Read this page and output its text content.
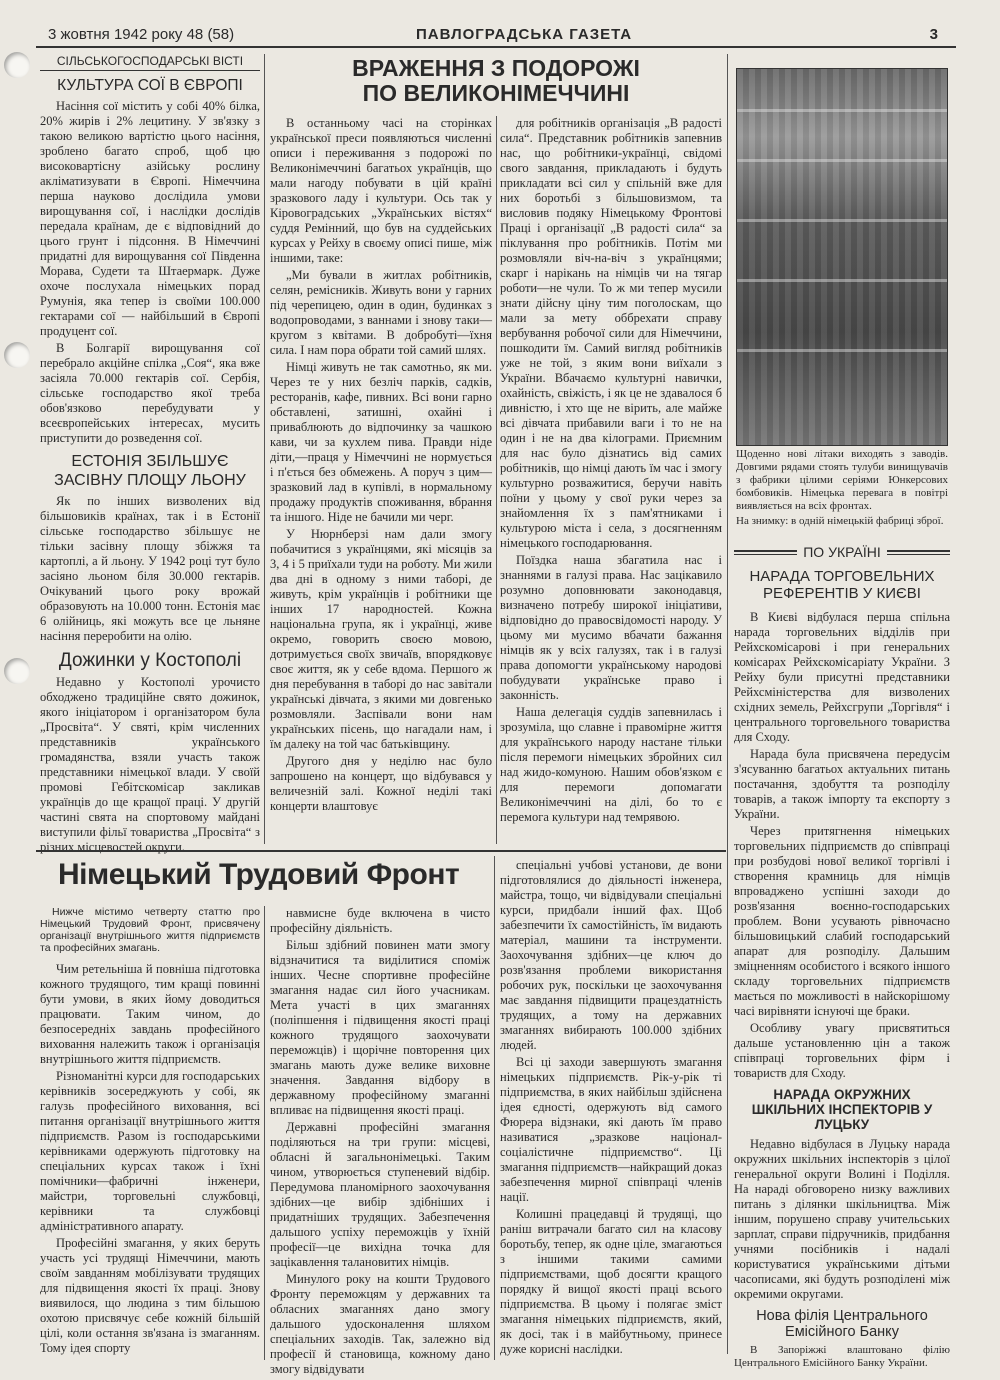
3 жовтня 1942 року 48 (58)	ПАВЛОГРАДСЬКА ГАЗЕТА	3
СІЛЬСЬКОГОСПОДАРСЬКІ ВІСТІ
КУЛЬТУРА СОЇ В ЄВРОПІ

Насіння сої містить у собі 40% білка, 20% жирів і 2% лецитину. У зв'язку з такою великою вартістю цього насіння, зроблено багато спроб, щоб цю високовартісну азійську рослину акліматизувати в Європі. Німеччина перша науково дослідила умови вирощування сої, і наслідки дослідів передала країнам, де є відповідний до цього грунт і підсоння. В Німеччині придатні для вирощування сої Південна Морава, Судети та Штаермарк. Дуже охоче послухала німецьких порад Румунія, яка тепер із своїми 100.000 гектарами сої — найбільший в Європі продуцент сої.

В Болгарії вирощування сої перебрало акційне спілка „Соя“, яка вже засіяла 70.000 гектарів сої. Сербія, сільське господарство якої треба обов'язково перебудувати у всеєвропейських інтересах, мусить приступити до розведення сої.

ЕСТОНІЯ ЗБІЛЬШУЄ ЗАСІВНУ ПЛОЩУ ЛЬОНУ

Як по інших визволених від більшовиків країнах, так і в Естонії сільське господарство збільшує не тільки засівну площу збіжжя та картоплі, а й льону. У 1942 році тут було засіяно льоном біля 30.000 гектарів. Очікуваний цього року врожай образовують на 10.000 тонн. Естонія має 6 олійниць, які можуть все це льняне насіння переробити на олію.

Дожинки у Костополі

Недавно у Костополі урочисто обходжено традиційне свято дожинок, якого ініціатором і організатором була „Просвіта“. У святі, крім численних представників українського громадянства, взяли участь також представники німецької влади. У своїй промові Гебітскомісар закликав українців до ще кращої праці. У другій частині свята на спортовому майдані виступили фільї товариства „Просвіта“ з різних місцевостей округи.

ВРАЖЕННЯ З ПОДОРОЖІ
ПО ВЕЛИКОНІМЕЧЧИНІ

В останньому часі на сторінках української преси появляються численні описи і переживання з подорожі по Великонімеччині багатьох українців, що мали нагоду побувати в цій країні зразкового ладу і культури. Ось так у Кіровоградських „Українських вістях“ суддя Ремінний, що був на суддейських курсах у Рейху в своєму описі пише, між іншими, таке:

„Ми бували в житлах робітників, селян, ремісників. Живуть вони у гарних під черепицею, один в один, будинках з водопроводами, з ваннами і знову таки—кругом з квітами. В добробуті—їхня сила. І нам пора обрати той самий шлях.

Німці живуть не так самотньо, як ми. Через те у них безліч парків, садків, ресторанів, кафе, пивних. Всі вони гарно обставлені, затишні, охайні і приваблюють до відпочинку за чашкою кави, чи за кухлем пива. Правди ніде діти,—праця у Німеччині не нормується і п'ється без обмежень. А поруч з цим—зразковий лад в купівлі, в нормальному продажу продуктів споживання, вбрання та іншого. Ніде не бачили ми черг.

У Нюрнберзі нам дали змогу побачитися з українцями, які місяців за 3, 4 і 5 приїхали туди на роботу. Ми жили два дні в одному з ними таборі, де живуть, крім українців і робітники ще інших 17 народностей. Кожна національна група, як і українці, живе окремо, говорить своєю мовою, дотримується своїх звичаїв, впорядковує своє життя, як у себе вдома. Першого ж дня перебування в таборі до нас завітали українські дівчата, з якими ми довгенько розмовляли. Заспівали вони нам українських пісень, що нагадали нам, і їм далеку на той час батьківщину.

Другого дня у неділю нас було запрошено на концерт, що відбувався у величезній залі. Кожної неділі такі концерти влаштовує

для робітників організація „В радості сила“. Представник робітників запевнив нас, що робітники-українці, свідомі свого завдання, прикладають і будуть прикладати всі сил у спільній вже для них боротьбі з більшовизмом, та висловив подяку Німецькому Фронтові Праці і організації „В радості сила“ за піклування про робітників. Потім ми розмовляли віч-на-віч з українцями; скарг і нарікань на німців чи на тягар роботи—не чули. То ж ми тепер мусили знати дійсну ціну тим поголоскам, що мали за мету оббрехати справу вербування робочої сили для Німеччини, пошкодити їм. Самий вигляд робітників уже не той, з яким вони виїхали з України. Вбачаємо культурні навички, охайність, свіжість, і як це не здавалося б дивністю, і хто ще не вірить, але майже всі дівчата прибавили ваги і то не на один і не на два кілограми. Приємним для нас було дізнатись від самих робітників, що німці дають їм час і змогу культурно розважитися, беручи навіть поїни у цьому у свої руки через за знайомлення їх з пам'ятниками і культурою міста і села, з досягненням німецького господарювання.

Поїздка наша збагатила нас і знаннями в галузі права. Нас зацікавило розумно доповнювати законодавця, визначено потребу широкої ініціативи, відповідно до правосвідомості народу. У цьому ми мусимо вбачати бажання німців як у всіх галузях, так і в галузі права допомогти українському народові побудувати українське право і законність.

Наша делегація суддів запевнилась і зрозуміла, що славне і правомірне життя для українського народу настане тільки після перемоги німецьких збройних сил над жидо-комуною. Нашим обов'язком є для перемоги допомагати Великонімеччині на ділі, бо то є перемога культури над темрявою.

Щоденно нові літаки виходять з заводів. Довгими рядами стоять тулуби винищувачів з фабрики цілими серіями Юнкерсових бомбовиків. Німецька перевага в повітрі виявляється на всіх фронтах.
На знимку: в одній німецькій фабриці зброї.
ПО УКРАЇНІ
НАРАДА ТОРГОВЕЛЬНИХ РЕФЕРЕНТІВ У КИЄВІ

В Києві відбулася перша спільна нарада торговельних відділів при Рейхскомісарові і при генеральних комісарах Рейхскомісаріату України. З Рейху були присутні представники Рейхсміністерства для визволених східних земель, Рейхсгрупи „Торгівля“ і центрального торговельного товариства для Сходу.

Нарада була присвячена передусім з'ясуванню багатьох актуальних питань постачання, здобуття та розподілу товарів, а також імпорту та експорту з України.

Через притягнення німецьких торговельних підприємств до співпраці при розбудові нової великої торгівлі і створення крамниць для німців впроваджено успішні заходи до розв'язання воєнно-господарських проблем. Вони усувають рівночасно більшовицький слабий господарський апарат для розподілу. Дальшим зміцненням особистого і всякого іншого складу торговельних підприємств мається по можливості в найскорішому часі вирівняти існуючі ще браки.

Особливу увагу присвятиться дальше установленню цін а також співпраці торговельних фірм і товариств для Сходу.

НАРАДА ОКРУЖНИХ ШКІЛЬНИХ ІНСПЕКТОРІВ У ЛУЦЬКУ

Недавно відбулася в Луцьку нарада окружних шкільних інспекторів з цілої генеральної округи Волині і Поділля. На нараді обговорено низку важливих питань з ділянки шкільництва. Між іншим, порушено справу учительських зарплат, справи підручників, придбання учнями посібників і надалі користуватися українськими дітьми часописами, які будуть розподілені між окремими округами.

Нова філія Центрального Емісійного Банку

В Запоріжжі влаштовано філію Центрального Емісійного Банку України.

Німецький Трудовий Фронт
Нижче містимо четверту статтю про Німецький Трудовий Фронт, присвячену організації внутрішнього життя підприємств та професійних змагань.

Чим ретельніша й повніша підготовка кожного трудящого, тим кращі повинні бути умови, в яких йому доводиться працювати. Таким чином, до безпосередніх завдань професійного виховання належить також і організація внутрішнього життя підприємств.

Різноманітні курси для господарських керівників зосереджують у собі, як галузь професійного виховання, всі питання організації внутрішнього життя підприємств. Разом із господарськими керівниками одержують підготовку на спеціальних курсах також і їхні помічники—фабричні інженери, майстри, торговельні службовці, керівники та службовці адміністративного апарату.

Професійні змагання, у яких беруть участь усі трудящі Німеччини, мають своїм завданням мобілізувати трудящих для підвищення якості їх праці. Знову виявилося, що людина з тим більшою охотою присвячує себе кожній більшій цілі, коли остання зв'язана із змаганням. Тому ідея спорту

навмисне буде включена в чисто професійну діяльність.

Більш здібний повинен мати змогу відзначитися та виділитися споміж інших. Чесне спортивне професійне змагання надає сил його учасникам. Мета участі в цих змаганнях (поліпшення і підвищення якості праці кожного трудящого заохочувати переможців) і щорічне повторення цих змагань мають дуже велике виховне значення. Завдання відбору в державному професійному змаганні впливає на підвищення якості праці.

Державні професійні змагання поділяються на три групи: місцеві, обласні й загальнонімецькі. Таким чином, утворюється ступеневий відбір. Передумова планомірного заохочування здібних—це вибір здібніших і придатніших трудящих. Забезпечення дальшого успіху переможців у їхній професії—це вихідна точка для зацікавлення талановитих німців.

Минулого року на кошти Трудового Фронту переможцям у державних та обласних змаганнях дано змогу дальшого удосконалення шляхом спеціальних заходів. Так, залежно від професії й становища, кожному дано змогу відвідувати

спеціальні учбові установи, де вони підготовлялися до діяльності інженера, майстра, тощо, чи відвідували спеціальні курси, придбали інший фах. Щоб забезпечити їх самостійність, їм видають матеріал, машини та інструменти. Заохочування здібних—це ключ до розв'язання проблеми використання робочих рук, поскільки це заохочування має завдання підвищити працездатність трудящих, а тому на державних змаганнях вибирають 100.000 здібних людей.

Всі ці заходи завершують змагання німецьких підприємств. Рік-у-рік ті підприємства, в яких найбільш здійснена ідея єдності, одержують від самого Фюрера відзнаки, які дають їм право називатися „зразкове націонал-соціалістичне підприємство“. Ці змагання підприємств—найкращий доказ забезпечення мирної співпраці членів нації.

Колишні працедавці й трудящі, що раніш витрачали багато сил на класову боротьбу, тепер, як одне ціле, змагаються з іншими такими самими підприємствами, щоб досягти кращого порядку й вищої якості праці всього підприємства. В цьому і полягає зміст змагання німецьких підприємств, який, як досі, так і в майбутньому, принесе дуже корисні наслідки.
